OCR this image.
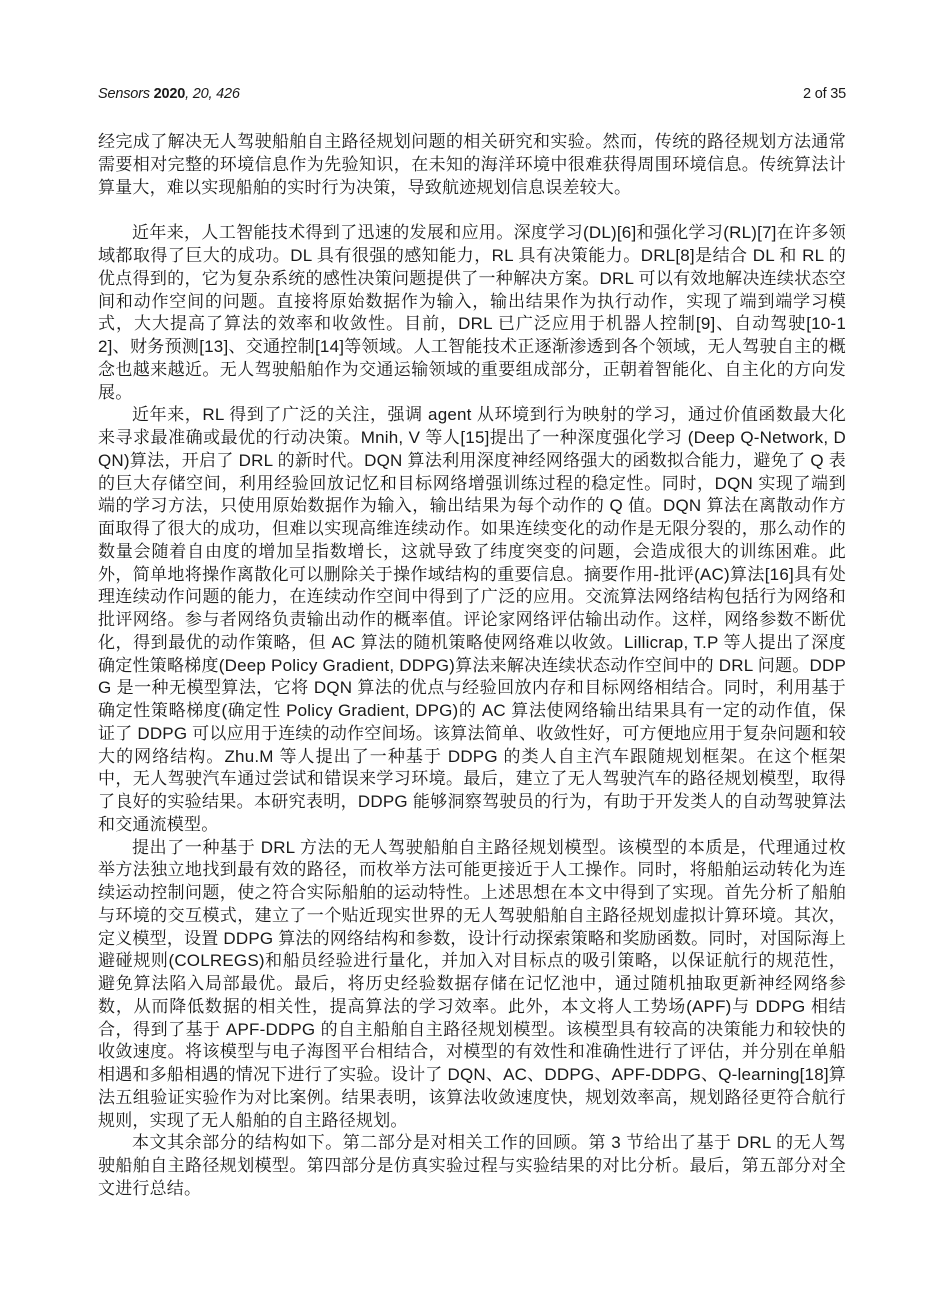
Sensors 2020, 20, 426	2 of 35

经完成了解决无人驾驶船舶自主路径规划问题的相关研究和实验。然而，传统的路径规划方法通常需要相对完整的环境信息作为先验知识，在未知的海洋环境中很难获得周围环境信息。传统算法计算量大，难以实现船舶的实时行为决策，导致航迹规划信息误差较大。

近年来，人工智能技术得到了迅速的发展和应用。深度学习(DL)[6]和强化学习(RL)[7]在许多领域都取得了巨大的成功。DL 具有很强的感知能力，RL 具有决策能力。DRL[8]是结合 DL 和 RL 的优点得到的，它为复杂系统的感性决策问题提供了一种解决方案。DRL 可以有效地解决连续状态空间和动作空间的问题。直接将原始数据作为输入，输出结果作为执行动作，实现了端到端学习模式，大大提高了算法的效率和收敛性。目前，DRL 已广泛应用于机器人控制[9]、自动驾驶[10-12]、财务预测[13]、交通控制[14]等领域。人工智能技术正逐渐渗透到各个领域，无人驾驶自主的概念也越来越近。无人驾驶船舶作为交通运输领域的重要组成部分，正朝着智能化、自主化的方向发展。

近年来，RL 得到了广泛的关注，强调 agent 从环境到行为映射的学习，通过价值函数最大化来寻求最准确或最优的行动决策。Mnih, V 等人[15]提出了一种深度强化学习 (Deep Q-Network, DQN)算法，开启了 DRL 的新时代。DQN 算法利用深度神经网络强大的函数拟合能力，避免了 Q 表的巨大存储空间，利用经验回放记忆和目标网络增强训练过程的稳定性。同时，DQN 实现了端到端的学习方法，只使用原始数据作为输入，输出结果为每个动作的 Q 值。DQN 算法在离散动作方面取得了很大的成功，但难以实现高维连续动作。如果连续变化的动作是无限分裂的，那么动作的数量会随着自由度的增加呈指数增长，这就导致了纬度突变的问题，会造成很大的训练困难。此外，简单地将操作离散化可以删除关于操作域结构的重要信息。摘要作用-批评(AC)算法[16]具有处理连续动作问题的能力，在连续动作空间中得到了广泛的应用。交流算法网络结构包括行为网络和批评网络。参与者网络负责输出动作的概率值。评论家网络评估输出动作。这样，网络参数不断优化，得到最优的动作策略，但 AC 算法的随机策略使网络难以收敛。Lillicrap, T.P 等人提出了深度确定性策略梯度(Deep Policy Gradient, DDPG)算法来解决连续状态动作空间中的 DRL 问题。DDPG 是一种无模型算法，它将 DQN 算法的优点与经验回放内存和目标网络相结合。同时，利用基于确定性策略梯度(确定性 Policy Gradient, DPG)的 AC 算法使网络输出结果具有一定的动作值，保证了 DDPG 可以应用于连续的动作空间场。该算法简单、收敛性好，可方便地应用于复杂问题和较大的网络结构。Zhu.M 等人提出了一种基于 DDPG 的类人自主汽车跟随规划框架。在这个框架中，无人驾驶汽车通过尝试和错误来学习环境。最后，建立了无人驾驶汽车的路径规划模型，取得了良好的实验结果。本研究表明，DDPG 能够洞察驾驶员的行为，有助于开发类人的自动驾驶算法和交通流模型。

提出了一种基于 DRL 方法的无人驾驶船舶自主路径规划模型。该模型的本质是，代理通过枚举方法独立地找到最有效的路径，而枚举方法可能更接近于人工操作。同时，将船舶运动转化为连续运动控制问题，使之符合实际船舶的运动特性。上述思想在本文中得到了实现。首先分析了船舶与环境的交互模式，建立了一个贴近现实世界的无人驾驶船舶自主路径规划虚拟计算环境。其次，定义模型，设置 DDPG 算法的网络结构和参数，设计行动探索策略和奖励函数。同时，对国际海上避碰规则(COLREGS)和船员经验进行量化，并加入对目标点的吸引策略，以保证航行的规范性，避免算法陷入局部最优。最后，将历史经验数据存储在记忆池中，通过随机抽取更新神经网络参数，从而降低数据的相关性，提高算法的学习效率。此外，本文将人工势场(APF)与 DDPG 相结合，得到了基于 APF-DDPG 的自主船舶自主路径规划模型。该模型具有较高的决策能力和较快的收敛速度。将该模型与电子海图平台相结合，对模型的有效性和准确性进行了评估，并分别在单船相遇和多船相遇的情况下进行了实验。设计了 DQN、AC、DDPG、APF-DDPG、Q-learning[18]算法五组验证实验作为对比案例。结果表明，该算法收敛速度快，规划效率高，规划路径更符合航行规则，实现了无人船舶的自主路径规划。

本文其余部分的结构如下。第二部分是对相关工作的回顾。第 3 节给出了基于 DRL 的无人驾驶船舶自主路径规划模型。第四部分是仿真实验过程与实验结果的对比分析。最后，第五部分对全文进行总结。
